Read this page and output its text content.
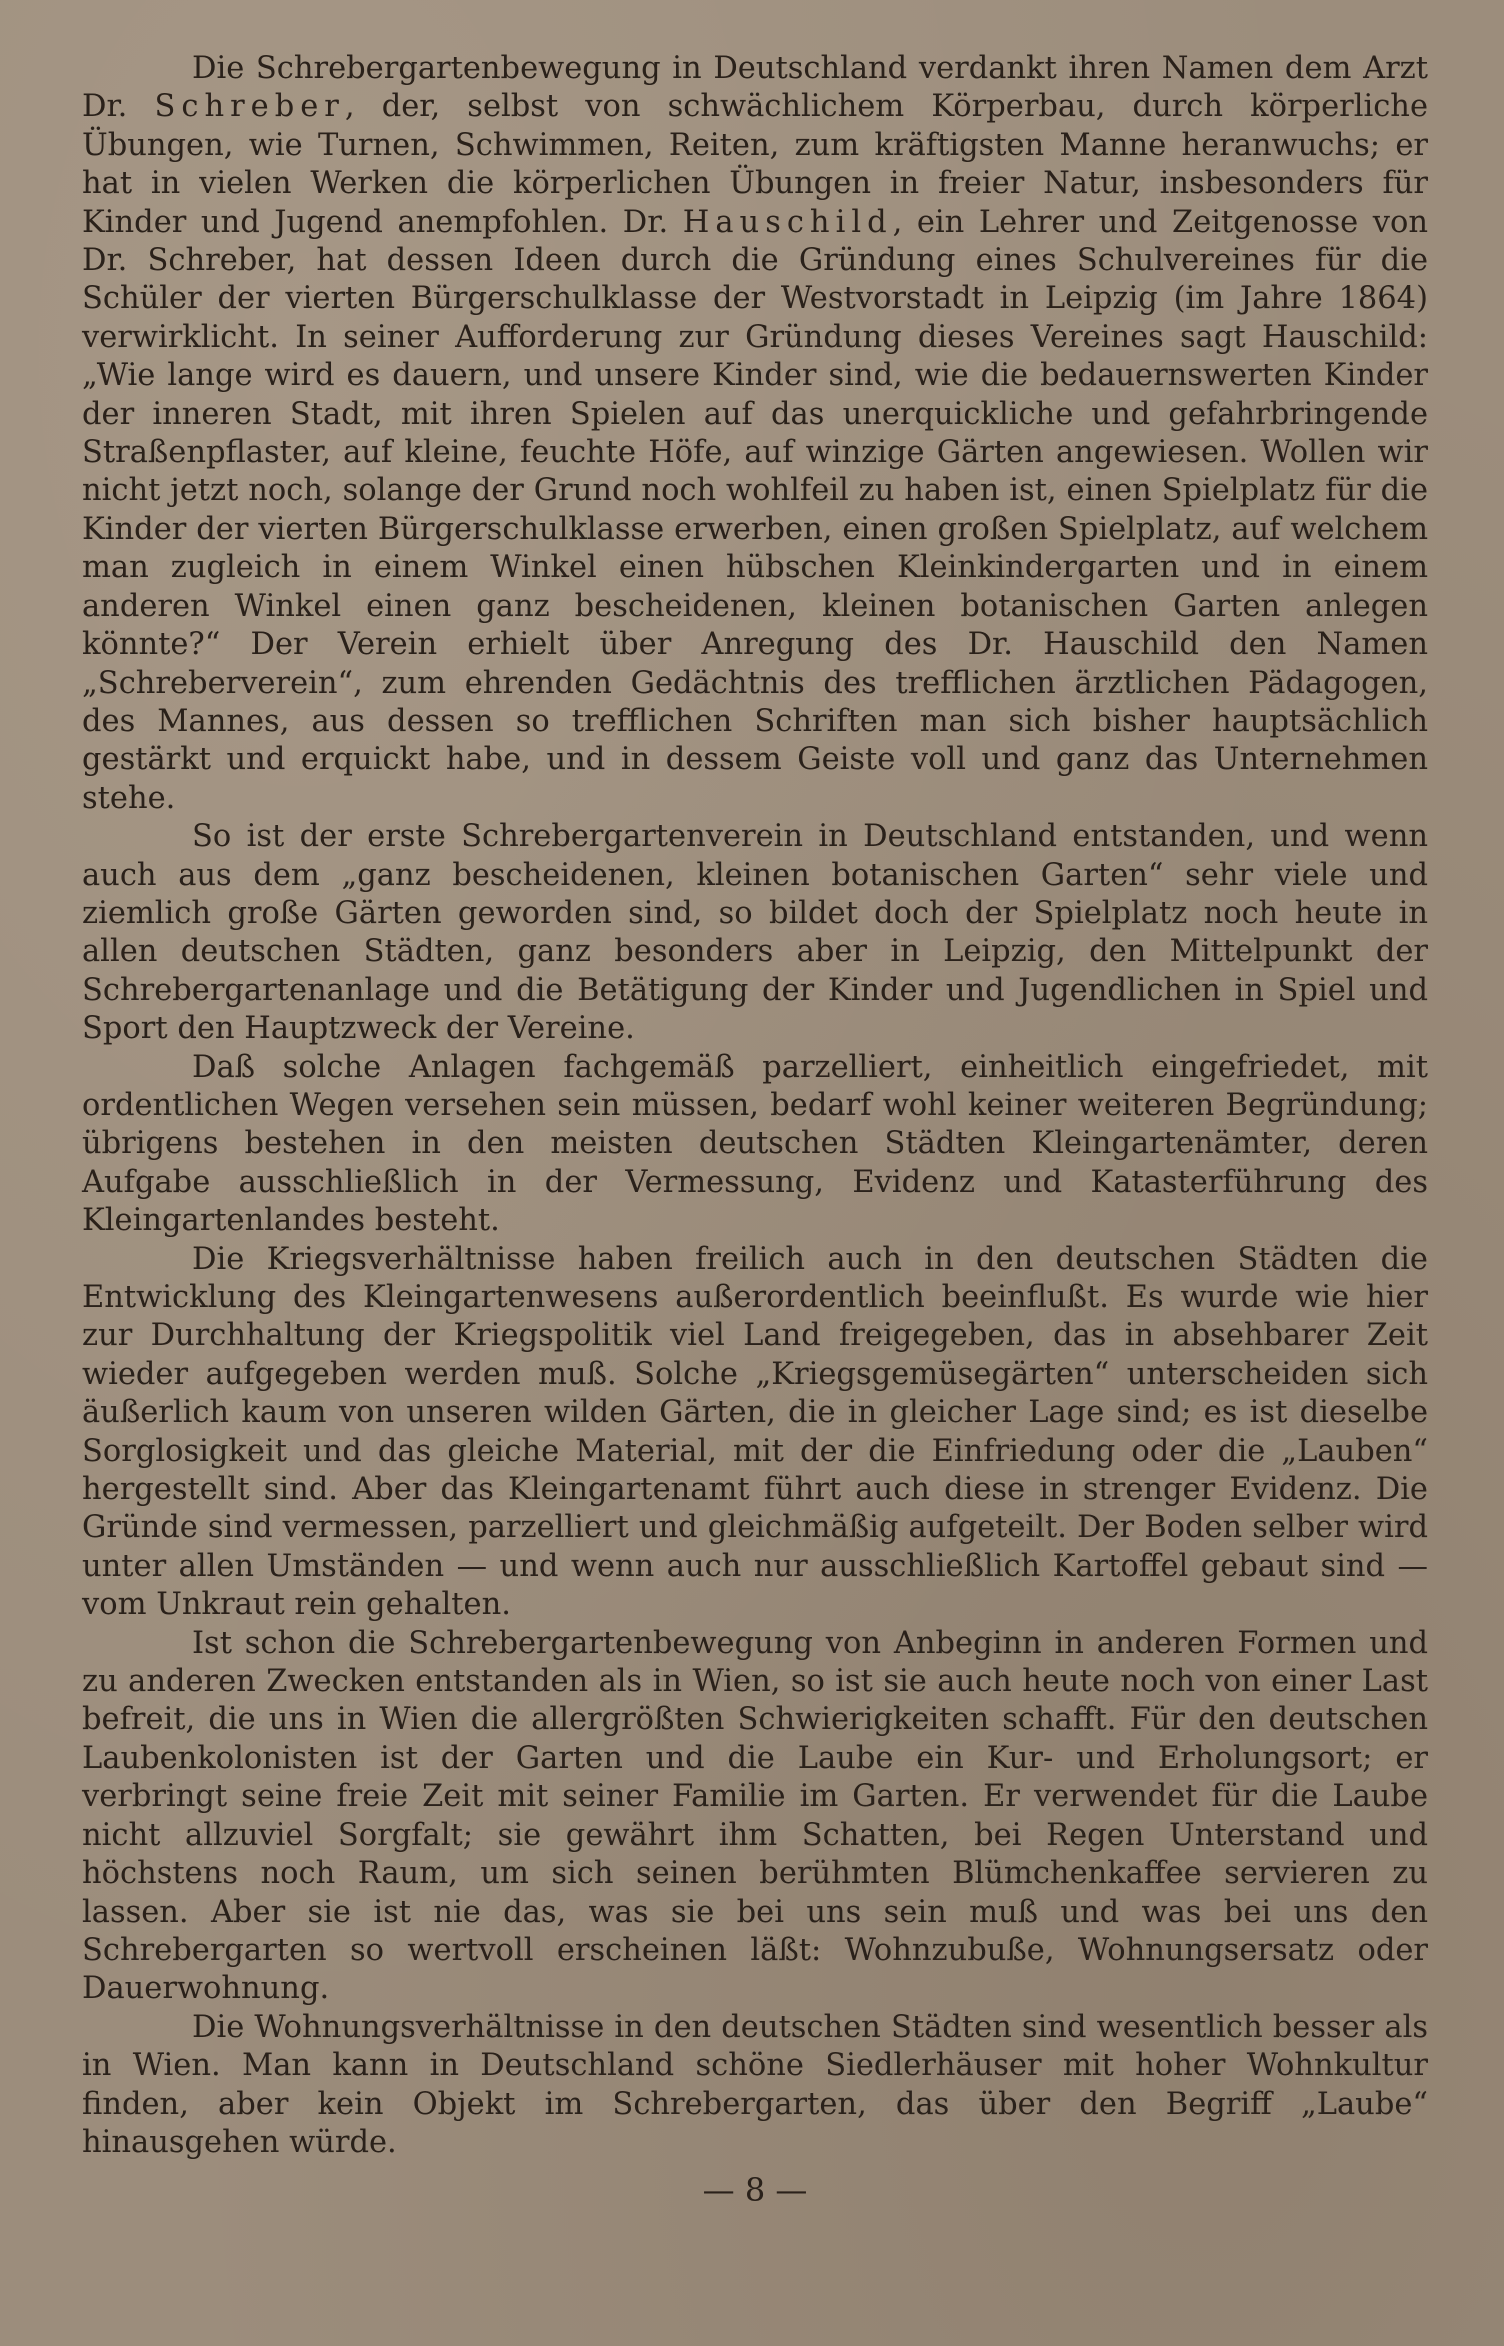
Die Schrebergartenbewegung in Deutschland verdankt ihren Namen dem Arzt Dr. Schreber, der, selbst von schwächlichem Körperbau, durch körperliche Übungen, wie Turnen, Schwimmen, Reiten, zum kräftigsten Manne heranwuchs; er hat in vielen Werken die körperlichen Übungen in freier Natur, insbesonders für Kinder und Jugend anempfohlen. Dr. Hauschild, ein Lehrer und Zeitgenosse von Dr. Schreber, hat dessen Ideen durch die Gründung eines Schulvereines für die Schüler der vierten Bürgerschulklasse der Westvorstadt in Leipzig (im Jahre 1864) verwirklicht. In seiner Aufforderung zur Gründung dieses Vereines sagt Hauschild: „Wie lange wird es dauern, und unsere Kinder sind, wie die bedauernswerten Kinder der inneren Stadt, mit ihren Spielen auf das unerquickliche und gefahrbringende Straßenpflaster, auf kleine, feuchte Höfe, auf winzige Gärten angewiesen. Wollen wir nicht jetzt noch, solange der Grund noch wohlfeil zu haben ist, einen Spielplatz für die Kinder der vierten Bürgerschulklasse erwerben, einen großen Spielplatz, auf welchem man zugleich in einem Winkel einen hübschen Kleinkindergarten und in einem anderen Winkel einen ganz bescheidenen, kleinen botanischen Garten anlegen könnte?“ Der Verein erhielt über Anregung des Dr. Hauschild den Namen „Schreberverein“, zum ehrenden Gedächtnis des trefflichen ärztlichen Pädagogen, des Mannes, aus dessen so trefflichen Schriften man sich bisher hauptsächlich gestärkt und erquickt habe, und in dessem Geiste voll und ganz das Unternehmen stehe.

So ist der erste Schrebergartenverein in Deutschland entstanden, und wenn auch aus dem „ganz bescheidenen, kleinen botanischen Garten“ sehr viele und ziemlich große Gärten geworden sind, so bildet doch der Spielplatz noch heute in allen deutschen Städten, ganz besonders aber in Leipzig, den Mittelpunkt der Schrebergartenanlage und die Betätigung der Kinder und Jugendlichen in Spiel und Sport den Hauptzweck der Vereine.

Daß solche Anlagen fachgemäß parzelliert, einheitlich eingefriedet, mit ordentlichen Wegen versehen sein müssen, bedarf wohl keiner weiteren Begründung; übrigens bestehen in den meisten deutschen Städten Kleingartenämter, deren Aufgabe ausschließlich in der Vermessung, Evidenz und Katasterführung des Kleingartenlandes besteht.

Die Kriegsverhältnisse haben freilich auch in den deutschen Städten die Entwicklung des Kleingartenwesens außerordentlich beeinflußt. Es wurde wie hier zur Durchhaltung der Kriegspolitik viel Land freigegeben, das in absehbarer Zeit wieder aufgegeben werden muß. Solche „Kriegsgemüsegärten“ unterscheiden sich äußerlich kaum von unseren wilden Gärten, die in gleicher Lage sind; es ist dieselbe Sorglosigkeit und das gleiche Material, mit der die Einfriedung oder die „Lauben“ hergestellt sind. Aber das Kleingartenamt führt auch diese in strenger Evidenz. Die Gründe sind vermessen, parzelliert und gleichmäßig aufgeteilt. Der Boden selber wird unter allen Umständen — und wenn auch nur ausschließlich Kartoffel gebaut sind — vom Unkraut rein gehalten.

Ist schon die Schrebergartenbewegung von Anbeginn in anderen Formen und zu anderen Zwecken entstanden als in Wien, so ist sie auch heute noch von einer Last befreit, die uns in Wien die allergrößten Schwierigkeiten schafft. Für den deutschen Laubenkolonisten ist der Garten und die Laube ein Kur- und Erholungsort; er verbringt seine freie Zeit mit seiner Familie im Garten. Er verwendet für die Laube nicht allzuviel Sorgfalt; sie gewährt ihm Schatten, bei Regen Unterstand und höchstens noch Raum, um sich seinen berühmten Blümchenkaffee servieren zu lassen. Aber sie ist nie das, was sie bei uns sein muß und was bei uns den Schrebergarten so wertvoll erscheinen läßt: Wohnzubuße, Wohnungsersatz oder Dauerwohnung.

Die Wohnungsverhältnisse in den deutschen Städten sind wesentlich besser als in Wien. Man kann in Deutschland schöne Siedlerhäuser mit hoher Wohnkultur finden, aber kein Objekt im Schrebergarten, das über den Begriff „Laube“ hinausgehen würde.

— 8 —
